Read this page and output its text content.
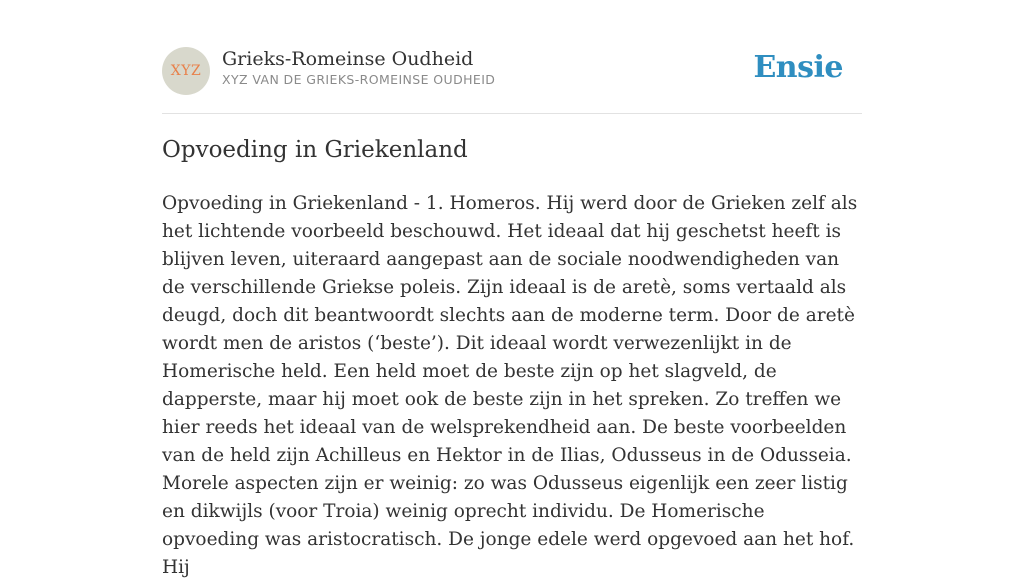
XYZ
Grieks-Romeinse Oudheid
XYZ VAN DE GRIEKS-ROMEINSE OUDHEID	Ensie
Opvoeding in Griekenland

Opvoeding in Griekenland - 1. Homeros. Hij werd door de Grieken zelf als het lichtende voorbeeld beschouwd. Het ideaal dat hij geschetst heeft is blijven leven, uiteraard aangepast aan de sociale noodwendigheden van de verschillende Griekse poleis. Zijn ideaal is de aretè, soms vertaald als deugd, doch dit beantwoordt slechts aan de moderne term. Door de aretè wordt men de aristos (‘beste’). Dit ideaal wordt verwezenlijkt in de Homerische held. Een held moet de beste zijn op het slagveld, de dapperste, maar hij moet ook de beste zijn in het spreken. Zo treffen we hier reeds het ideaal van de welsprekendheid aan. De beste voorbeelden van de held zijn Achilleus en Hektor in de Ilias, Odusseus in de Odusseia. Morele aspecten zijn er weinig: zo was Odusseus eigenlijk een zeer listig en dikwijls (voor Troia) weinig oprecht individu. De Homerische opvoeding was aristocratisch. De jonge edele werd opgevoed aan het hof. Hij
